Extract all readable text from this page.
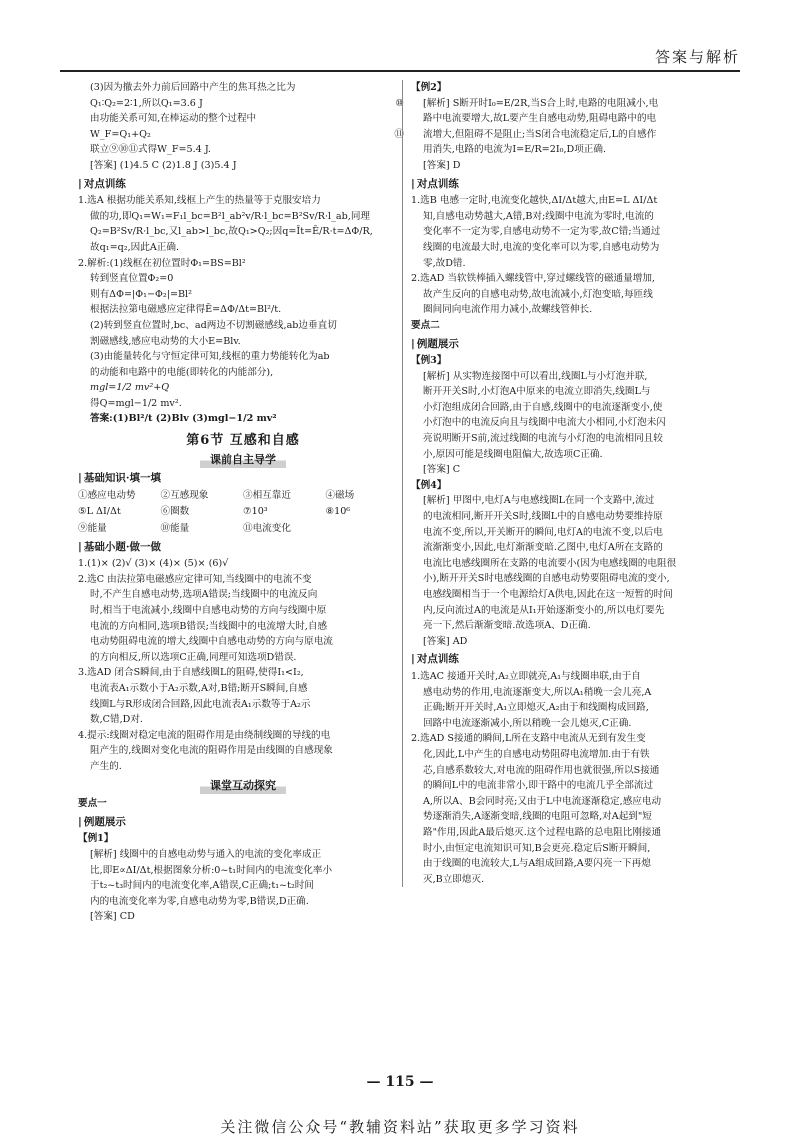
答案与解析

(3)因为撤去外力前后回路中产生的焦耳热之比为

Q₁∶Q₂=2∶1,所以Q₁=3.6 J	⑩

由功能关系可知,在棒运动的整个过程中

W_F=Q₁+Q₂	⑪

联立⑨⑩⑪式得W_F=5.4 J.

[答案] (1)4.5 C (2)1.8 J (3)5.4 J

| 对点训练

1.选A 根据功能关系知,线框上产生的热量等于克服安培力

做的功,即Q₁=W₁=F₁l_bc=B²l_ab²v/R·l_bc=B²Sv/R·l_ab,同理

Q₂=B²Sv/R·l_bc,又l_ab>l_bc,故Q₁>Q₂;因q=Īt=Ē/R·t=ΔΦ/R,

故q₁=q₂,因此A正确.

2.解析:(1)线框在初位置时Φ₁=BS=Bl²

转到竖直位置Φ₂=0

则有ΔΦ=|Φ₁−Φ₂|=Bl²

根据法拉第电磁感应定律得Ē=ΔΦ/Δt=Bl²/t.

(2)转到竖直位置时,bc、ad两边不切割磁感线,ab边垂直切

割磁感线,感应电动势的大小E=Blv.

(3)由能量转化与守恒定律可知,线框的重力势能转化为ab

的动能和电路中的电能(即转化的内能部分),

mgl=1/2 mv²+Q

得Q=mgl−1/2 mv².

答案:(1)Bl²/t (2)Blv (3)mgl−1/2 mv²

第6节 互感和自感
课前自主导学

| 基础知识·填一填

①感应电动势	②互感现象	③相互靠近	④磁场
⑤L ΔI/Δt	⑥圈数	⑦10³	⑧10⁶
⑨能量	⑩能量	⑪电流变化

| 基础小题·做一做

1.(1)× (2)√ (3)× (4)× (5)× (6)√

2.选C 由法拉第电磁感应定律可知,当线圈中的电流不变

时,不产生自感电动势,选项A错误;当线圈中的电流反向

时,相当于电流减小,线圈中自感电动势的方向与线圈中原

电流的方向相同,选项B错误;当线圈中的电流增大时,自感

电动势阻碍电流的增大,线圈中自感电动势的方向与原电流

的方向相反,所以选项C正确,同理可知选项D错误.

3.选AD 闭合S瞬间,由于自感线圈L的阻碍,使得I₁<I₂,

电流表A₁示数小于A₂示数,A对,B错;断开S瞬间,自感

线圈L与R形成闭合回路,因此电流表A₁示数等于A₂示

数,C错,D对.

4.提示:线圈对稳定电流的阻碍作用是由绕制线圈的导线的电

阻产生的,线圈对变化电流的阻碍作用是由线圈的自感现象

产生的.

课堂互动探究

要点一

| 例题展示

【例1】

[解析] 线圈中的自感电动势与通入的电流的变化率成正

比,即E∝ΔI/Δt,根据图象分析:0~t₁时间内的电流变化率小

于t₂~t₃时间内的电流变化率,A错误,C正确;t₁~t₂时间

内的电流变化率为零,自感电动势为零,B错误,D正确.

[答案] CD

【例2】

[解析] S断开时I₀=E/2R,当S合上时,电路的电阻减小,电

路中电流要增大,故L要产生自感电动势,阻碍电路中的电

流增大,但阻碍不是阻止;当S闭合电流稳定后,L的自感作

用消失,电路的电流为I=E/R=2I₀,D项正确.

[答案] D

| 对点训练

1.选B 电感一定时,电流变化越快,ΔI/Δt越大,由E=L ΔI/Δt

知,自感电动势越大,A错,B对;线圈中电流为零时,电流的

变化率不一定为零,自感电动势不一定为零,故C错;当通过

线圈的电流最大时,电流的变化率可以为零,自感电动势为

零,故D错.

2.选AD 当软铁棒插入螺线管中,穿过螺线管的磁通量增加,

故产生反向的自感电动势,故电流减小,灯泡变暗,每匝线

圈间同向电流作用力减小,故螺线管伸长.

要点二

| 例题展示

【例3】

[解析] 从实物连接图中可以看出,线圈L与小灯泡并联,

断开开关S时,小灯泡A中原来的电流立即消失,线圈L与

小灯泡组成闭合回路,由于自感,线圈中的电流逐渐变小,使

小灯泡中的电流反向且与线圈中电流大小相同,小灯泡未闪

亮说明断开S前,流过线圈的电流与小灯泡的电流相同且较

小,原因可能是线圈电阻偏大,故选项C正确.

[答案] C

【例4】

[解析] 甲图中,电灯A与电感线圈L在同一个支路中,流过

的电流相同,断开开关S时,线圈L中的自感电动势要维持原

电流不变,所以,开关断开的瞬间,电灯A的电流不变,以后电

流渐渐变小,因此,电灯渐渐变暗.乙图中,电灯A所在支路的

电流比电感线圈所在支路的电流要小(因为电感线圈的电阻很

小),断开开关S时电感线圈的自感电动势要阻碍电流的变小,

电感线圈相当于一个电源给灯A供电,因此在这一短暂的时间

内,反向流过A的电流是从I₁开始逐渐变小的,所以电灯要先

亮一下,然后渐渐变暗.故选项A、D正确.

[答案] AD

| 对点训练

1.选AC 接通开关时,A₂立即就亮,A₁与线圈串联,由于自

感电动势的作用,电流逐渐变大,所以A₁稍晚一会儿亮,A

正确;断开开关时,A₁立即熄灭,A₂由于和线圈构成回路,

回路中电流逐渐减小,所以稍晚一会儿熄灭,C正确.

2.选AD S接通的瞬间,L所在支路中电流从无到有发生变

化,因此,L中产生的自感电动势阻碍电流增加.由于有铁

芯,自感系数较大,对电流的阻碍作用也就很强,所以S接通

的瞬间L中的电流非常小,即干路中的电流几乎全部流过

A,所以A、B会同时亮;又由于L中电流逐渐稳定,感应电动

势逐渐消失,A逐渐变暗,线圈的电阻可忽略,对A起到"短

路"作用,因此A最后熄灭.这个过程电路的总电阻比刚接通

时小,由恒定电流知识可知,B会更亮.稳定后S断开瞬间,

由于线圈的电流较大,L与A组成回路,A要闪亮一下再熄

灭,B立即熄灭.

— 115 —
关注微信公众号“教辅资料站”获取更多学习资料
